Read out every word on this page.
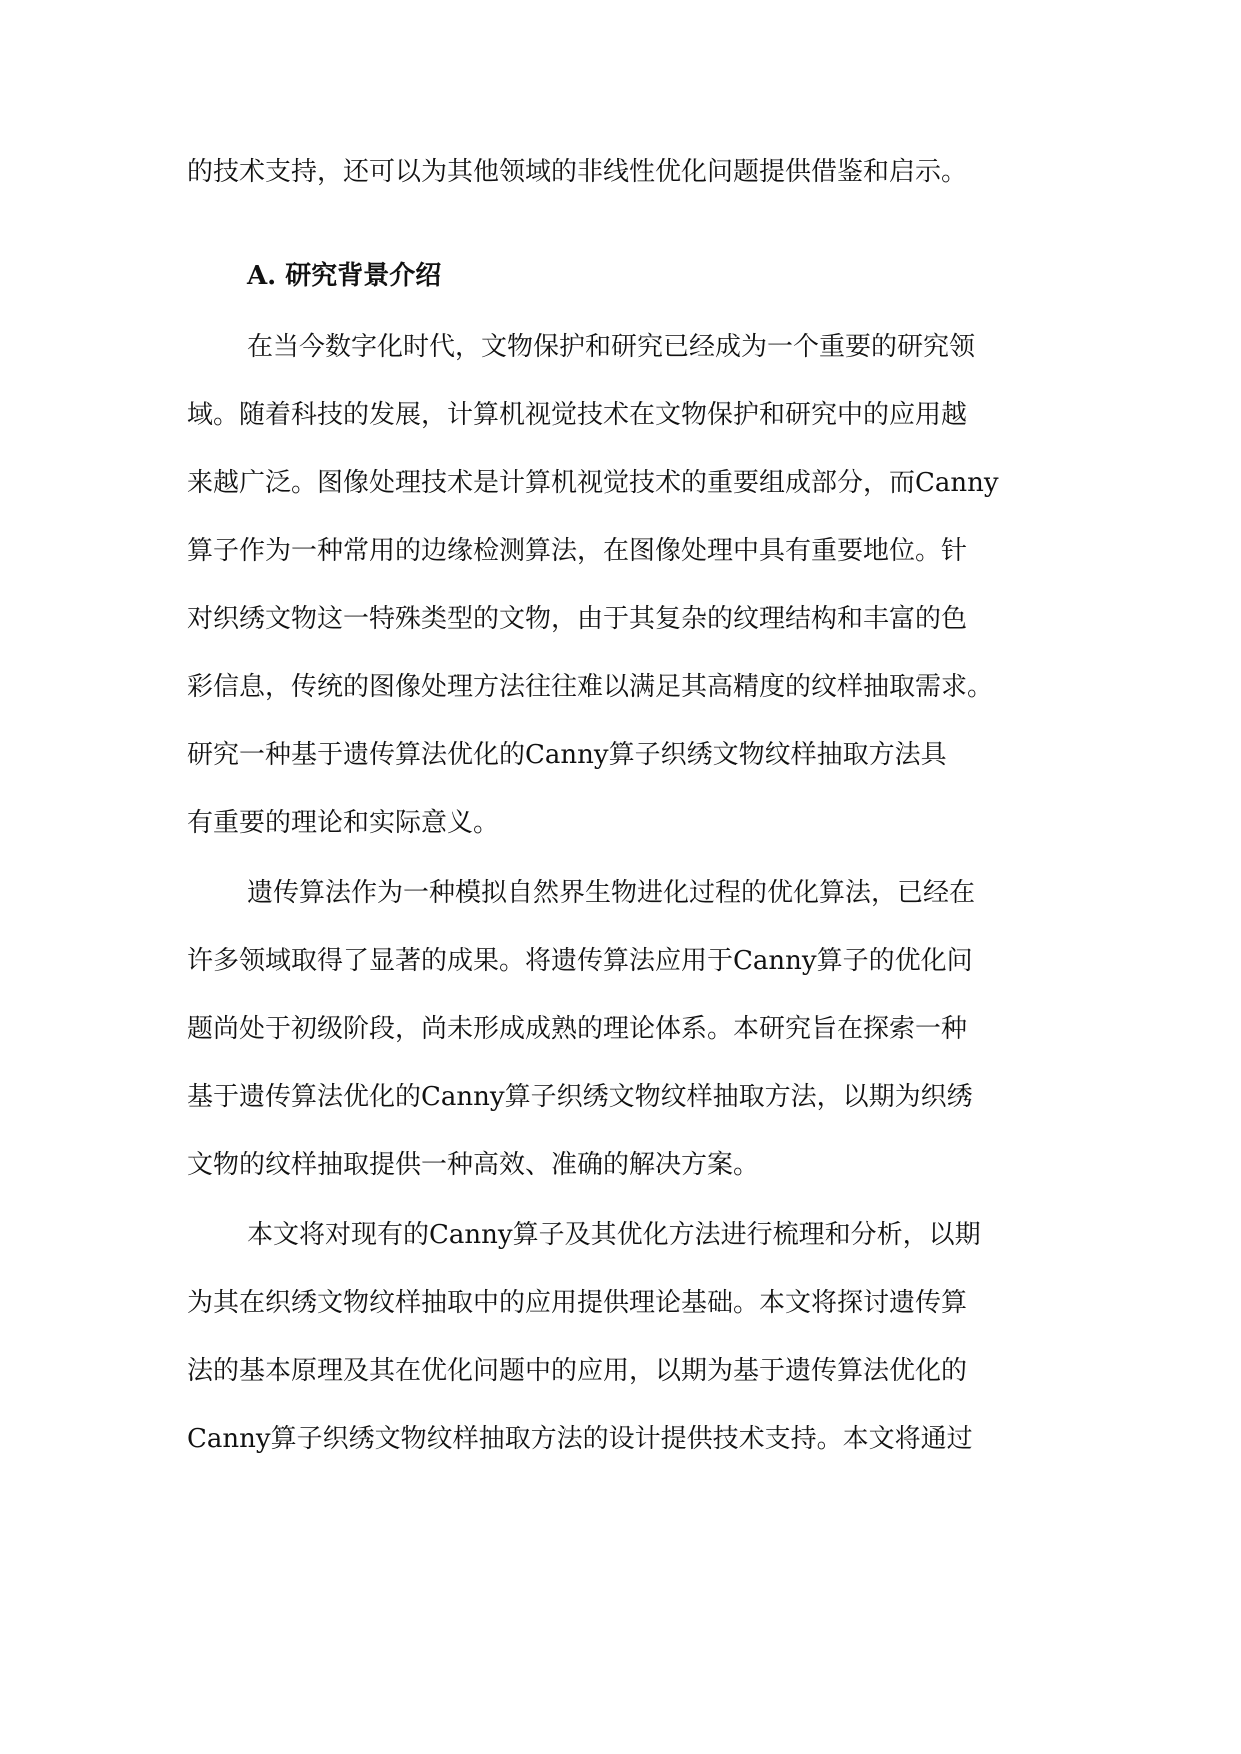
的技术支持，还可以为其他领域的非线性优化问题提供借鉴和启示。
A. 研究背景介绍
在当今数字化时代，文物保护和研究已经成为一个重要的研究领
域。随着科技的发展，计算机视觉技术在文物保护和研究中的应用越
来越广泛。图像处理技术是计算机视觉技术的重要组成部分，而Canny
算子作为一种常用的边缘检测算法，在图像处理中具有重要地位。针
对织绣文物这一特殊类型的文物，由于其复杂的纹理结构和丰富的色
彩信息，传统的图像处理方法往往难以满足其高精度的纹样抽取需求。
研究一种基于遗传算法优化的Canny算子织绣文物纹样抽取方法具
有重要的理论和实际意义。
遗传算法作为一种模拟自然界生物进化过程的优化算法，已经在
许多领域取得了显著的成果。将遗传算法应用于Canny算子的优化问
题尚处于初级阶段，尚未形成成熟的理论体系。本研究旨在探索一种
基于遗传算法优化的Canny算子织绣文物纹样抽取方法，以期为织绣
文物的纹样抽取提供一种高效、准确的解决方案。
本文将对现有的Canny算子及其优化方法进行梳理和分析，以期
为其在织绣文物纹样抽取中的应用提供理论基础。本文将探讨遗传算
法的基本原理及其在优化问题中的应用，以期为基于遗传算法优化的
Canny算子织绣文物纹样抽取方法的设计提供技术支持。本文将通过
